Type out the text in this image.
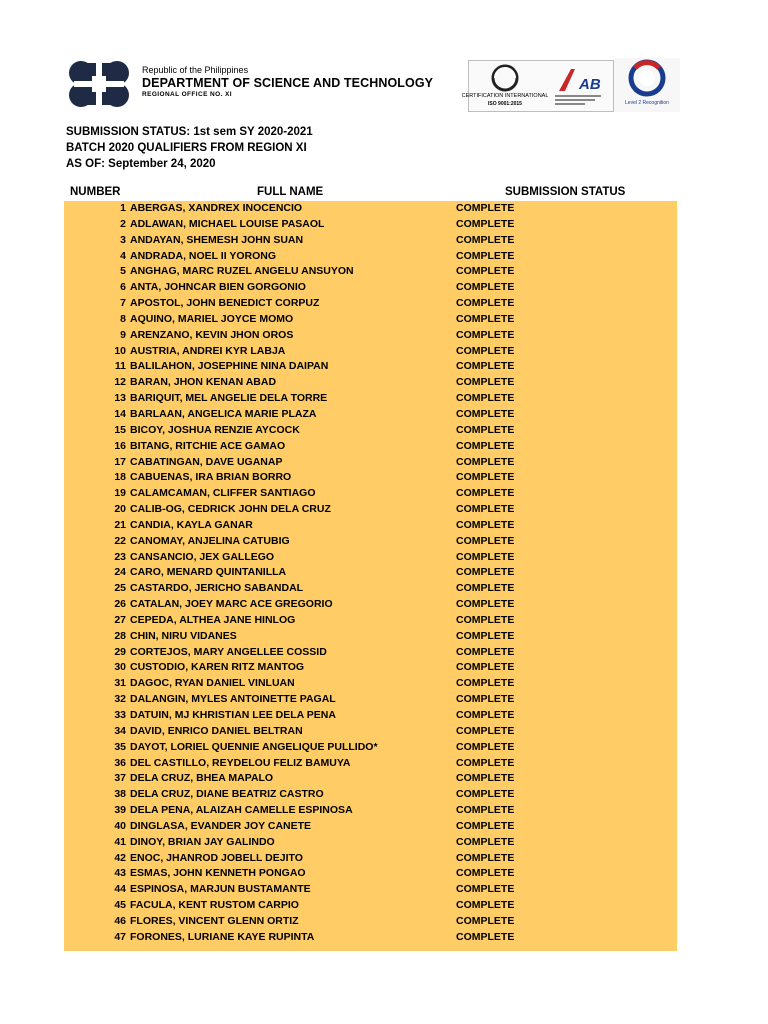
Republic of the Philippines
DEPARTMENT OF SCIENCE AND TECHNOLOGY
REGIONAL OFFICE NO. XI	CERTIFICATION INTERNATIONAL
ISO 9001:2015
AB
Level 2 Recognition
SUBMISSION STATUS: 1st sem SY 2020-2021
BATCH 2020 QUALIFIERS FROM REGION XI
AS OF: September 24, 2020
NUMBER	FULL NAME	SUBMISSION STATUS
1 ABERGAS, XANDREX INOCENCIO	COMPLETE
2 ADLAWAN, MICHAEL LOUISE PASAOL	COMPLETE
3 ANDAYAN, SHEMESH JOHN SUAN	COMPLETE
4 ANDRADA, NOEL II YORONG	COMPLETE
5 ANGHAG, MARC RUZEL ANGELU ANSUYON	COMPLETE
6 ANTA, JOHNCAR BIEN GORGONIO	COMPLETE
7 APOSTOL, JOHN BENEDICT CORPUZ	COMPLETE
8 AQUINO, MARIEL JOYCE MOMO	COMPLETE
9 ARENZANO, KEVIN JHON OROS	COMPLETE
10 AUSTRIA, ANDREI KYR LABJA	COMPLETE
11 BALILAHON, JOSEPHINE NINA DAIPAN	COMPLETE
12 BARAN, JHON KENAN ABAD	COMPLETE
13 BARIQUIT, MEL ANGELIE DELA TORRE	COMPLETE
14 BARLAAN, ANGELICA MARIE PLAZA	COMPLETE
15 BICOY, JOSHUA RENZIE AYCOCK	COMPLETE
16 BITANG, RITCHIE ACE GAMAO	COMPLETE
17 CABATINGAN, DAVE UGANAP	COMPLETE
18 CABUENAS, IRA BRIAN BORRO	COMPLETE
19 CALAMCAMAN, CLIFFER SANTIAGO	COMPLETE
20 CALIB-OG, CEDRICK JOHN DELA CRUZ	COMPLETE
21 CANDIA, KAYLA GANAR	COMPLETE
22 CANOMAY, ANJELINA CATUBIG	COMPLETE
23 CANSANCIO, JEX GALLEGO	COMPLETE
24 CARO, MENARD QUINTANILLA	COMPLETE
25 CASTARDO, JERICHO SABANDAL	COMPLETE
26 CATALAN, JOEY MARC ACE GREGORIO	COMPLETE
27 CEPEDA, ALTHEA JANE HINLOG	COMPLETE
28 CHIN, NIRU VIDANES	COMPLETE
29 CORTEJOS, MARY ANGELLEE COSSID	COMPLETE
30 CUSTODIO, KAREN RITZ MANTOG	COMPLETE
31 DAGOC, RYAN DANIEL VINLUAN	COMPLETE
32 DALANGIN, MYLES ANTOINETTE PAGAL	COMPLETE
33 DATUIN, MJ KHRISTIAN LEE DELA PENA	COMPLETE
34 DAVID, ENRICO DANIEL BELTRAN	COMPLETE
35 DAYOT, LORIEL QUENNIE ANGELIQUE PULLIDO*	COMPLETE
36 DEL CASTILLO, REYDELOU FELIZ BAMUYA	COMPLETE
37 DELA CRUZ, BHEA MAPALO	COMPLETE
38 DELA CRUZ, DIANE BEATRIZ CASTRO	COMPLETE
39 DELA PENA, ALAIZAH CAMELLE ESPINOSA	COMPLETE
40 DINGLASA, EVANDER JOY CANETE	COMPLETE
41 DINOY, BRIAN JAY GALINDO	COMPLETE
42 ENOC, JHANROD JOBELL DEJITO	COMPLETE
43 ESMAS, JOHN KENNETH PONGAO	COMPLETE
44 ESPINOSA, MARJUN BUSTAMANTE	COMPLETE
45 FACULA, KENT RUSTOM CARPIO	COMPLETE
46 FLORES, VINCENT GLENN ORTIZ	COMPLETE
47 FORONES, LURIANE KAYE RUPINTA	COMPLETE
